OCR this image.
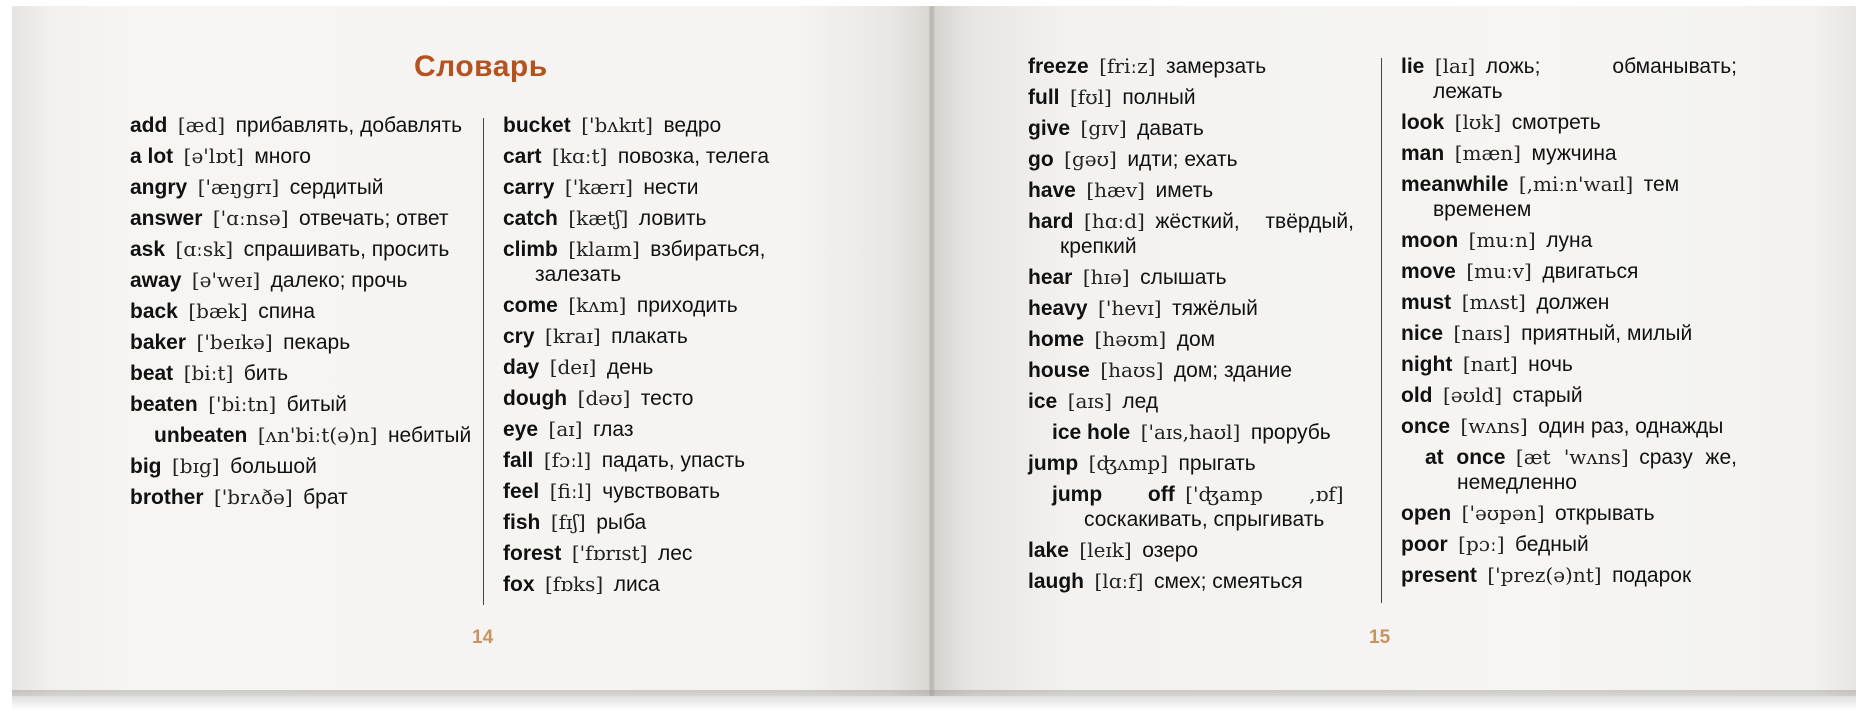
Словарь
add  [æd]  прибавлять, добавлять
a lot  [ə'lɒt]  много
angry  ['æŋgrɪ]  сердитый
answer  ['ɑːnsə]  отвечать; ответ
ask  [ɑːsk]  спрашивать, просить
away  [ə'weɪ]  далеко; прочь
back  [bæk]  спина
baker  ['beɪkə]  пекарь
beat  [biːt]  бить
beaten  ['biːtn]  битый
unbeaten  [ʌn'biːt(ə)n]  небитый
big  [bɪg]  большой
brother  ['brʌðə]  брат
bucket  ['bʌkɪt]  ведро
cart  [kɑːt]  повозка, телега
carry  ['kærɪ]  нести
catch  [kætʃ]  ловить
climb  [klaɪm]  взбираться, залезать
come  [kʌm]  приходить
cry  [kraɪ]  плакать
day  [deɪ]  день
dough  [dəʊ]  тесто
eye  [aɪ]  глаз
fall  [fɔːl]  падать, упасть
feel  [fiːl]  чувствовать
fish  [fɪʃ]  рыба
forest  ['fɒrɪst]  лес
fox  [fɒks]  лиса
freeze  [friːz]  замерзать
full  [fʊl]  полный
give  [gɪv]  давать
go  [gəʊ]  идти; ехать
have  [hæv]  иметь
hard  [hɑːd]  жёсткий, твёрдый, крепкий
hear  [hɪə]  слышать
heavy  ['hevɪ]  тяжёлый
home  [həʊm]  дом
house  [haʊs]  дом; здание
ice  [aɪs]  лед
ice hole  ['aɪs,haʊl]  прорубь
jump  [ʤʌmp]  прыгать
jump off  ['ʤamp ,ɒf] соскакивать, спрыгивать
lake  [leɪk]  озеро
laugh  [lɑːf]  смех; смеяться
lie  [laɪ]  ложь; обманывать; лежать
look  [lʊk]  смотреть
man  [mæn]  мужчина
meanwhile  [,miːn'waɪl]  тем временем
moon  [muːn]  луна
move  [muːv]  двигаться
must  [mʌst]  должен
nice  [naɪs]  приятный, милый
night  [naɪt]  ночь
old  [əʊld]  старый
once  [wʌns]  один раз, однажды
at once  [æt 'wʌns]  сразу же, немедленно
open  ['əʊpən]  открывать
poor  [pɔː]  бедный
present  ['prez(ə)nt]  подарок
14	15
